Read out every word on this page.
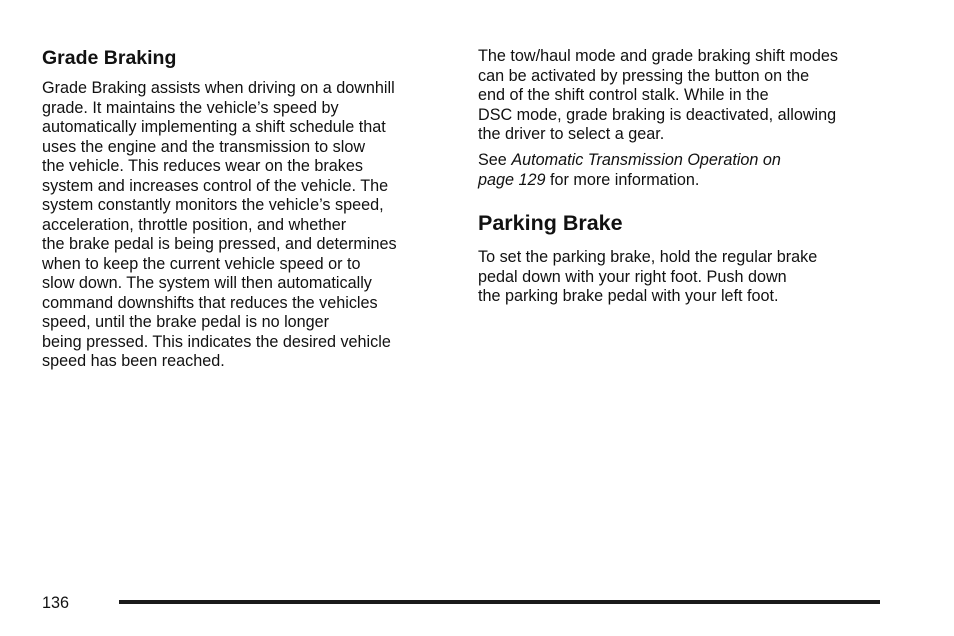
Grade Braking
Grade Braking assists when driving on a downhill
grade. It maintains the vehicle’s speed by
automatically implementing a shift schedule that
uses the engine and the transmission to slow
the vehicle. This reduces wear on the brakes
system and increases control of the vehicle. The
system constantly monitors the vehicle’s speed,
acceleration, throttle position, and whether
the brake pedal is being pressed, and determines
when to keep the current vehicle speed or to
slow down. The system will then automatically
command downshifts that reduces the vehicles
speed, until the brake pedal is no longer
being pressed. This indicates the desired vehicle
speed has been reached.
The tow/haul mode and grade braking shift modes
can be activated by pressing the button on the
end of the shift control stalk. While in the
DSC mode, grade braking is deactivated, allowing
the driver to select a gear.
See Automatic Transmission Operation on
page 129 for more information.
Parking Brake
To set the parking brake, hold the regular brake
pedal down with your right foot. Push down
the parking brake pedal with your left foot.
136
